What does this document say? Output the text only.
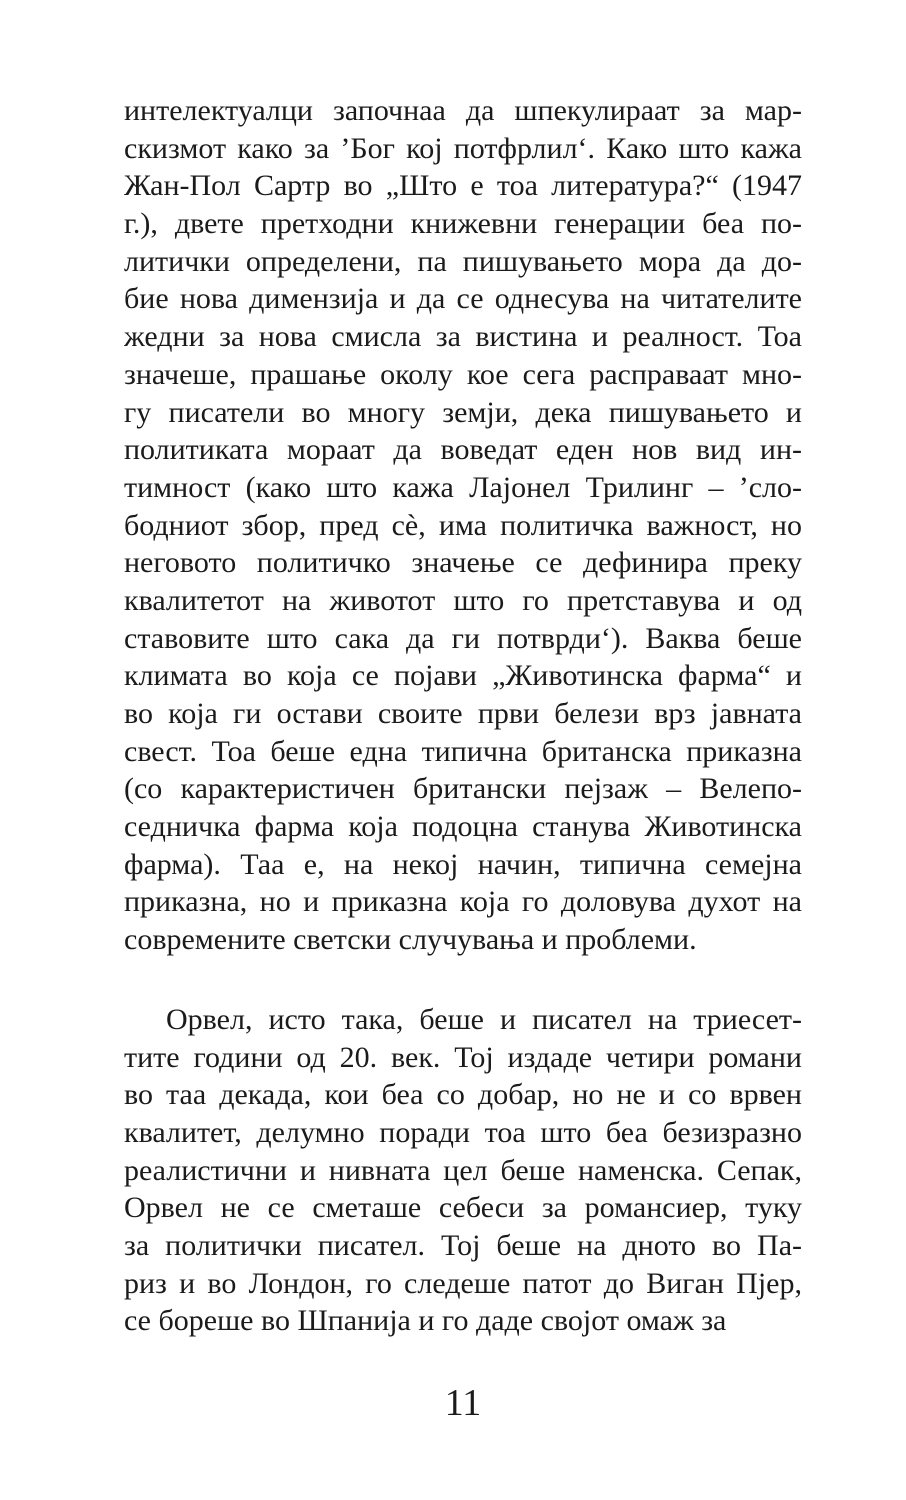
интелектуалци започнаа да шпекулираат за мар-
скизмот како за ’Бог кој потфрлил‘. Како што кажа
Жан-Пол Сартр во „Што е тоа литература?“ (1947
г.), двете претходни книжевни генерации беа по-
литички определени, па пишувањето мора да до-
бие нова димензија и да се однесува на читателите
жедни за нова смисла за вистина и реалност. Тоа
значеше, прашање околу кое сега расправаат мно-
гу писатели во многу земји, дека пишувањето и
политиката мораат да воведат еден нов вид ин-
тимност (како што кажа Лајонел Трилинг – ’сло-
бодниот збор, пред сè, има политичка важност, но
неговото политичко значење се дефинира преку
квалитетот на животот што го претставува и од
ставовите што сака да ги потврди‘). Ваква беше
климата во која се појави „Животинска фарма“ и
во која ги остави своите први белези врз јавната
свест. Тоа беше една типична британска приказна
(со карактеристичен британски пејзаж – Велепо-
седничка фарма која подоцна станува Животинска
фарма). Таа е, на некој начин, типична семејна
приказна, но и приказна која го доловува духот на
современите светски случувања и проблеми.
Орвел, исто така, беше и писател на триесет-
тите години од 20. век. Тој издаде четири романи
во таа декада, кои беа со добар, но не и со врвен
квалитет, делумно поради тоа што беа безизразно
реалистични и нивната цел беше наменска. Сепак,
Орвел не се сметаше себеси за романсиер, туку
за политички писател. Тој беше на дното во Па-
риз и во Лондон, го следеше патот до Виган Пјер,
се бореше во Шпанија и го даде својот омаж за
11
